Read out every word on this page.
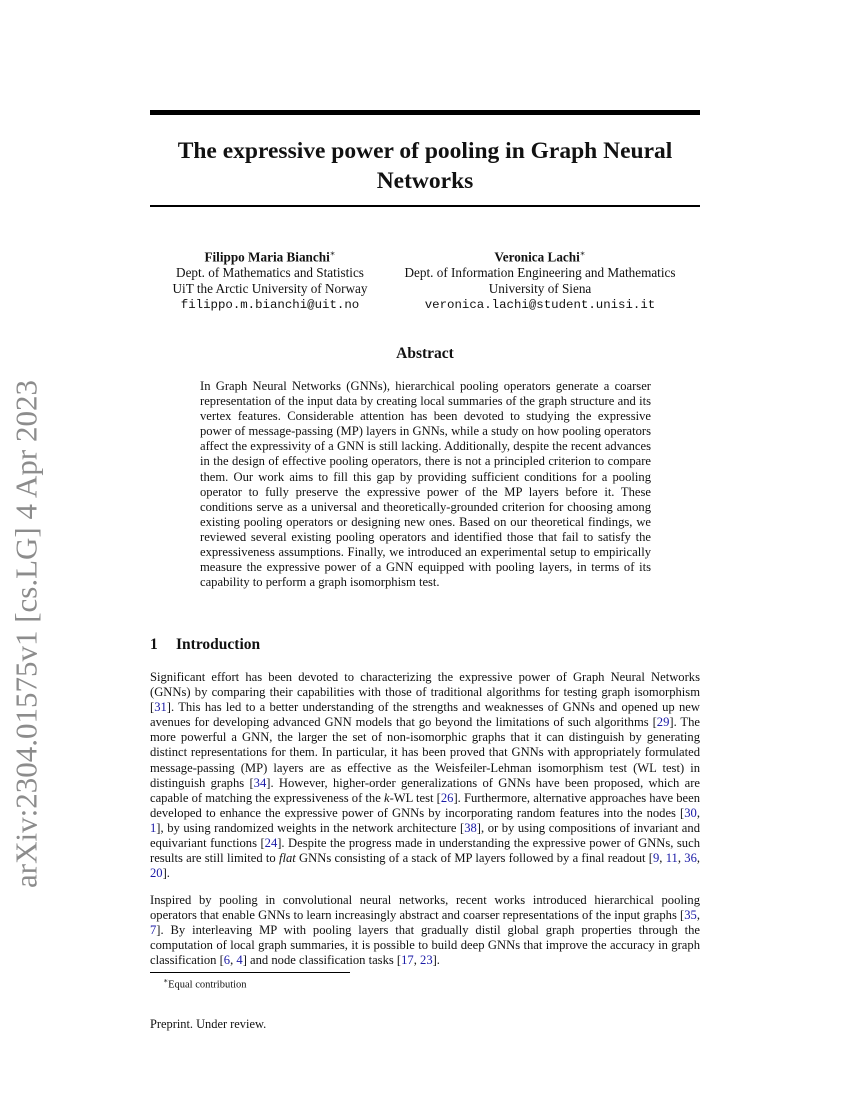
arXiv:2304.01575v1 [cs.LG] 4 Apr 2023
The expressive power of pooling in Graph Neural
Networks
Filippo Maria Bianchi∗
Dept. of Mathematics and Statistics
UiT the Arctic University of Norway
filippo.m.bianchi@uit.no
Veronica Lachi∗
Dept. of Information Engineering and Mathematics
University of Siena
veronica.lachi@student.unisi.it
Abstract

In Graph Neural Networks (GNNs), hierarchical pooling operators generate a coarser representation of the input data by creating local summaries of the graph structure and its vertex features. Considerable attention has been devoted to studying the expressive power of message-passing (MP) layers in GNNs, while a study on how pooling operators affect the expressivity of a GNN is still lacking. Additionally, despite the recent advances in the design of effective pooling operators, there is not a principled criterion to compare them. Our work aims to fill this gap by providing sufficient conditions for a pooling operator to fully preserve the expressive power of the MP layers before it. These conditions serve as a universal and theoretically-grounded criterion for choosing among existing pooling operators or designing new ones. Based on our theoretical findings, we reviewed several existing pooling operators and identified those that fail to satisfy the expressiveness assumptions. Finally, we introduced an experimental setup to empirically measure the expressive power of a GNN equipped with pooling layers, in terms of its capability to perform a graph isomorphism test.

1 Introduction

Significant effort has been devoted to characterizing the expressive power of Graph Neural Networks (GNNs) by comparing their capabilities with those of traditional algorithms for testing graph isomorphism [31]. This has led to a better understanding of the strengths and weaknesses of GNNs and opened up new avenues for developing advanced GNN models that go beyond the limitations of such algorithms [29]. The more powerful a GNN, the larger the set of non-isomorphic graphs that it can distinguish by generating distinct representations for them. In particular, it has been proved that GNNs with appropriately formulated message-passing (MP) layers are as effective as the Weisfeiler-Lehman isomorphism test (WL test) in distinguish graphs [34]. However, higher-order generalizations of GNNs have been proposed, which are capable of matching the expressiveness of the k-WL test [26]. Furthermore, alternative approaches have been developed to enhance the expressive power of GNNs by incorporating random features into the nodes [30, 1], by using randomized weights in the network architecture [38], or by using compositions of invariant and equivariant functions [24]. Despite the progress made in understanding the expressive power of GNNs, such results are still limited to flat GNNs consisting of a stack of MP layers followed by a final readout [9, 11, 36, 20].

Inspired by pooling in convolutional neural networks, recent works introduced hierarchical pooling operators that enable GNNs to learn increasingly abstract and coarser representations of the input graphs [35, 7]. By interleaving MP with pooling layers that gradually distil global graph properties through the computation of local graph summaries, it is possible to build deep GNNs that improve the accuracy in graph classification [6, 4] and node classification tasks [17, 23].

∗Equal contribution
Preprint. Under review.
